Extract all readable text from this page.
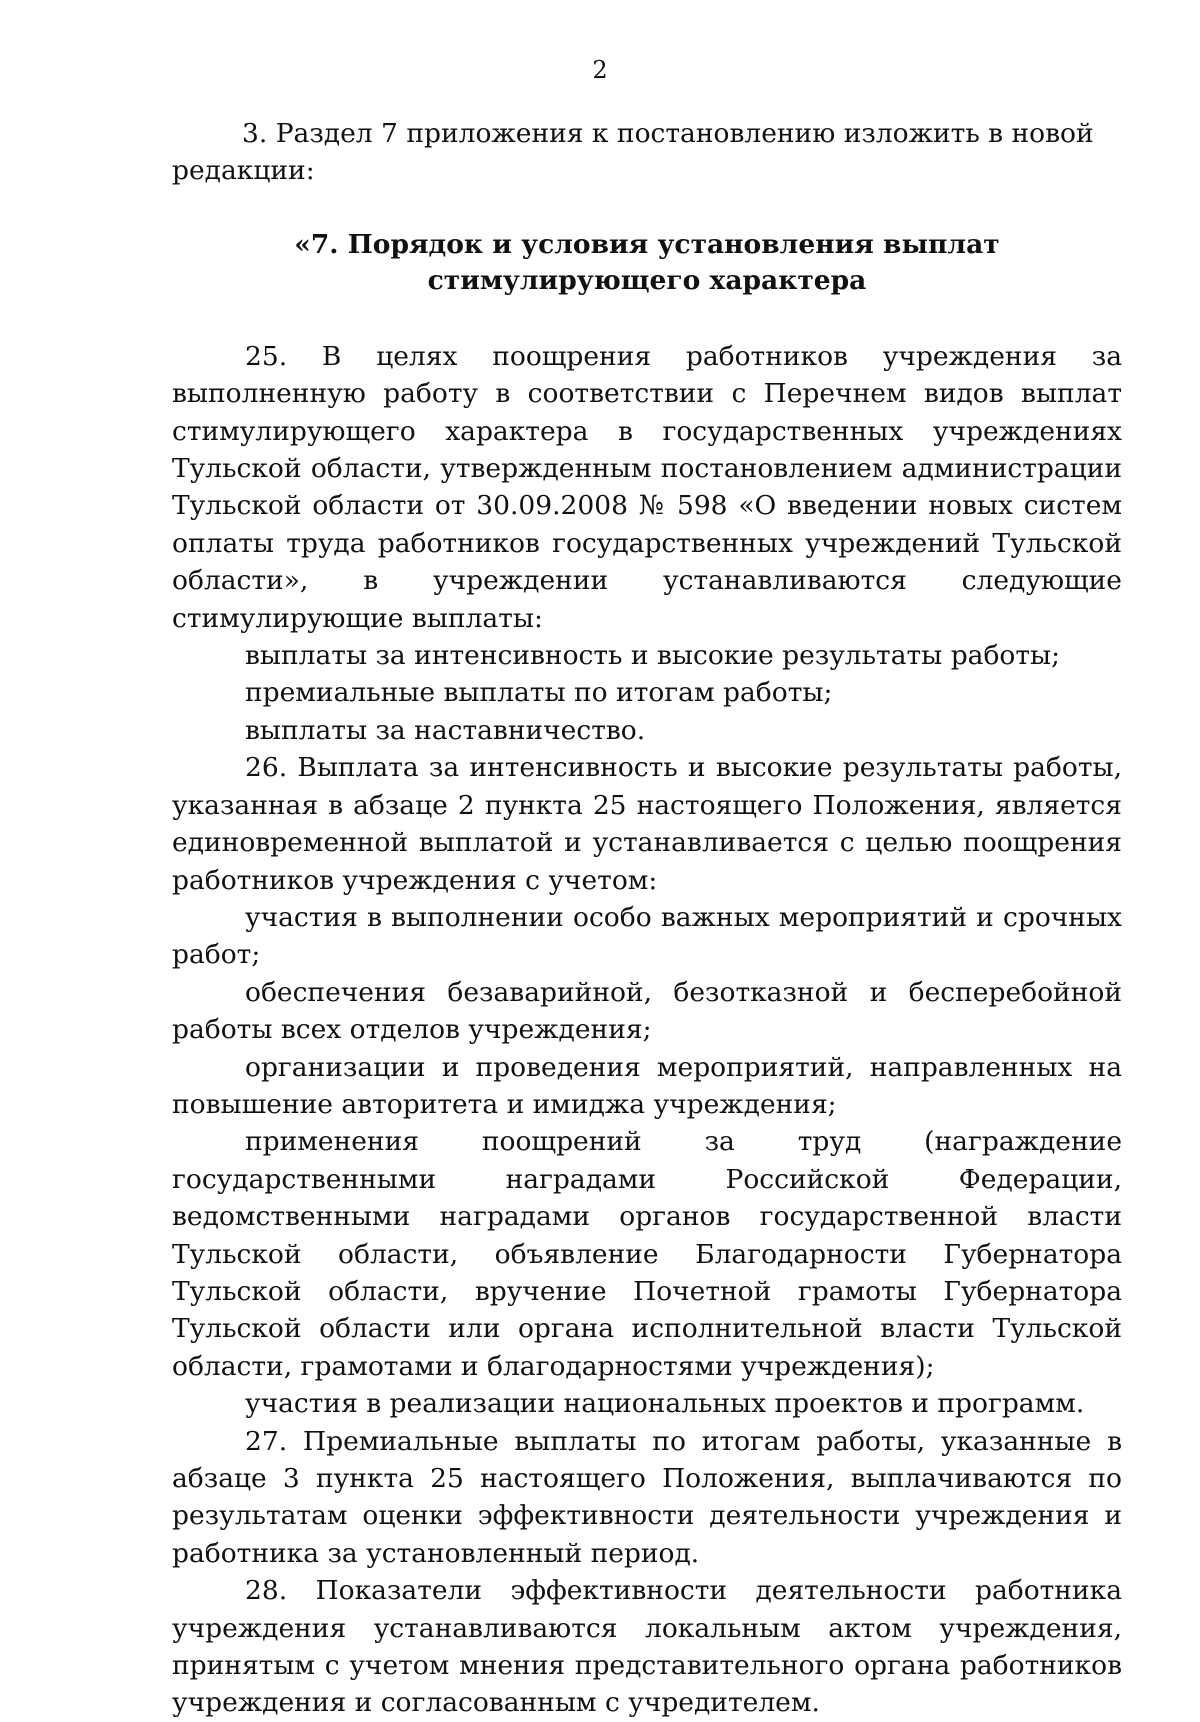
2

3. Раздел 7 приложения к постановлению изложить в новой редакции:

«7. Порядок и условия установления выплат
стимулирующего характера

25. В целях поощрения работников учреждения за выполненную работу в соответствии с Перечнем видов выплат стимулирующего характера в государственных учреждениях Тульской области, утвержденным постановлением администрации Тульской области от 30.09.2008 № 598 «О введении новых систем оплаты труда работников государственных учреждений Тульской области», в учреждении устанавливаются следующие стимулирующие выплаты:

выплаты за интенсивность и высокие результаты работы;

премиальные выплаты по итогам работы;

выплаты за наставничество.

26. Выплата за интенсивность и высокие результаты работы, указанная в абзаце 2 пункта 25 настоящего Положения, является единовременной выплатой и устанавливается с целью поощрения работников учреждения с учетом:

участия в выполнении особо важных мероприятий и срочных работ;

обеспечения безаварийной, безотказной и бесперебойной работы всех отделов учреждения;

организации и проведения мероприятий, направленных на повышение авторитета и имиджа учреждения;

применения поощрений за труд (награждение государственными наградами Российской Федерации, ведомственными наградами органов государственной власти Тульской области, объявление Благодарности Губернатора Тульской области, вручение Почетной грамоты Губернатора Тульской области или органа исполнительной власти Тульской области, грамотами и благодарностями учреждения);

участия в реализации национальных проектов и программ.

27. Премиальные выплаты по итогам работы, указанные в абзаце 3 пункта 25 настоящего Положения, выплачиваются по результатам оценки эффективности деятельности учреждения и работника за установленный период.

28. Показатели эффективности деятельности работника учреждения устанавливаются локальным актом учреждения, принятым с учетом мнения представительного органа работников учреждения и согласованным с учредителем.
